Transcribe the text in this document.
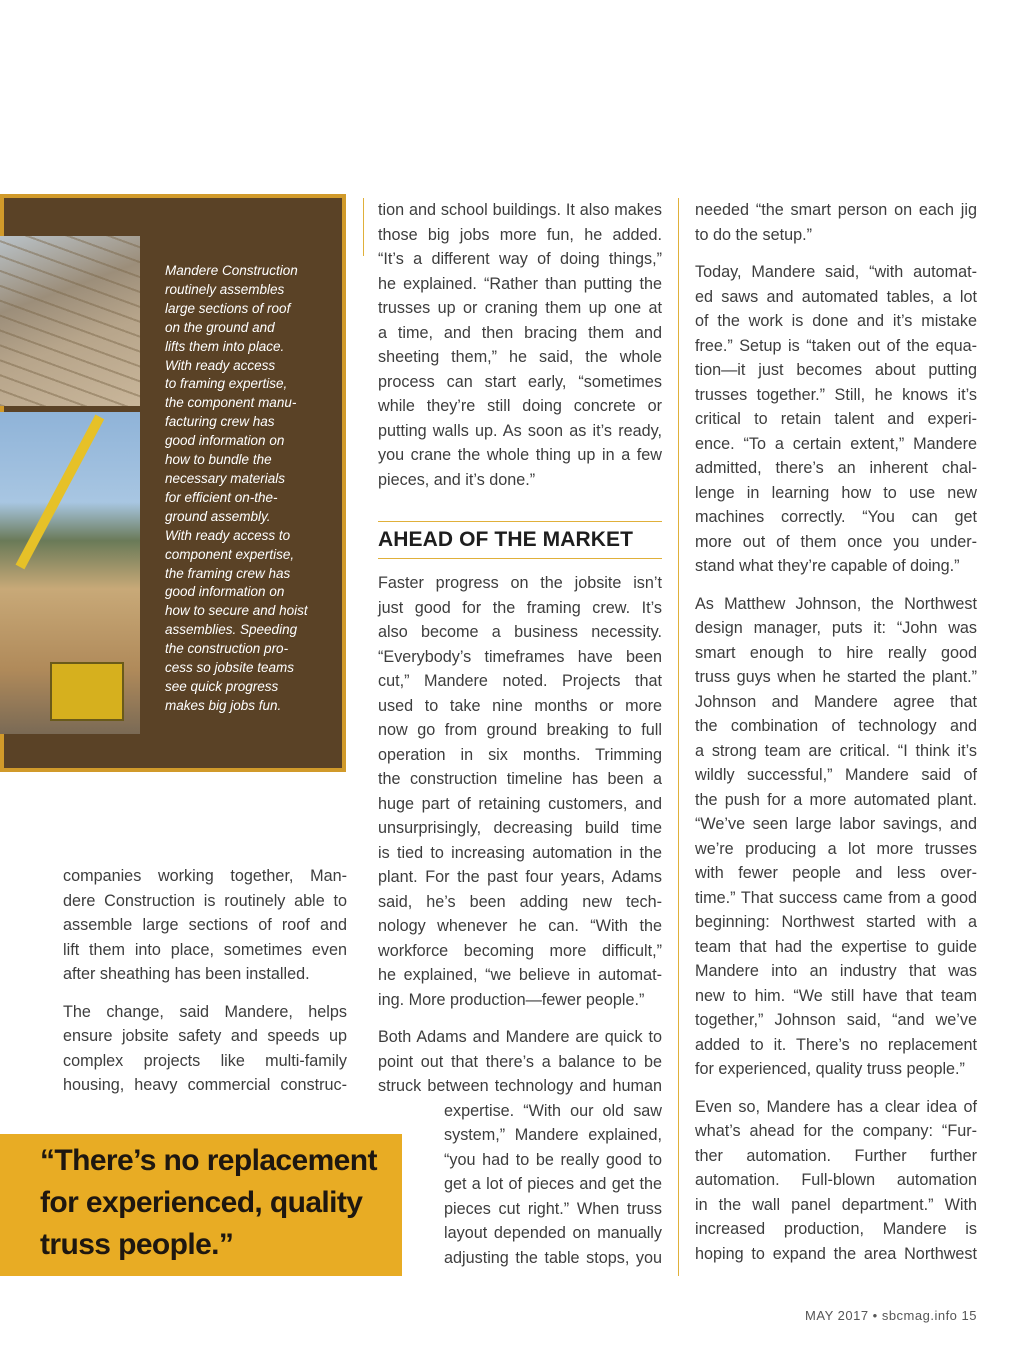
Mandere Construction
routinely assembles
large sections of roof
on the ground and
lifts them into place.
With ready access
to framing expertise,
the component manu-
facturing crew has
good information on
how to bundle the
necessary materials
for efficient on-the-
ground assembly.
With ready access to
component expertise,
the framing crew has
good information on
how to secure and hoist
assemblies. Speeding
the construction pro-
cess so jobsite teams
see quick progress
makes big jobs fun.

companies working together, Man-
dere Construction is routinely able to
assemble large sections of roof and
lift them into place, sometimes even
after sheathing has been installed.

The change, said Mandere, helps
ensure jobsite safety and speeds up
complex projects like multi-family
housing, heavy commercial construc-

tion and school buildings. It also makes
those big jobs more fun, he added.
“It’s a different way of doing things,”
he explained. “Rather than putting the
trusses up or craning them up one at
a time, and then bracing them and
sheeting them,” he said, the whole
process can start early, “sometimes
while they’re still doing concrete or
putting walls up. As soon as it’s ready,
you crane the whole thing up in a few
pieces, and it’s done.”

AHEAD OF THE MARKET

Faster progress on the jobsite isn’t
just good for the framing crew. It’s
also become a business necessity.
“Everybody’s timeframes have been
cut,” Mandere noted. Projects that
used to take nine months or more
now go from ground breaking to full
operation in six months. Trimming
the construction timeline has been a
huge part of retaining customers, and
unsurprisingly, decreasing build time
is tied to increasing automation in the
plant. For the past four years, Adams
said, he’s been adding new tech-
nology whenever he can. “With the
workforce becoming more difficult,”
he explained, “we believe in automat-
ing. More production—fewer people.”

Both Adams and Mandere are quick to
point out that there’s a balance to be
struck between technology and human
expertise. “With our old saw
system,” Mandere explained,
“you had to be really good to
get a lot of pieces and get the
pieces cut right.” When truss
layout depended on manually
adjusting the table stops, you

needed “the smart person on each jig
to do the setup.”

Today, Mandere said, “with automat-
ed saws and automated tables, a lot
of the work is done and it’s mistake
free.” Setup is “taken out of the equa-
tion—it just becomes about putting
trusses together.” Still, he knows it’s
critical to retain talent and experi-
ence. “To a certain extent,” Mandere
admitted, there’s an inherent chal-
lenge in learning how to use new
machines correctly. “You can get
more out of them once you under-
stand what they’re capable of doing.”

As Matthew Johnson, the Northwest
design manager, puts it: “John was
smart enough to hire really good
truss guys when he started the plant.”
Johnson and Mandere agree that
the combination of technology and
a strong team are critical. “I think it’s
wildly successful,” Mandere said of
the push for a more automated plant.
“We’ve seen large labor savings, and
we’re producing a lot more trusses
with fewer people and less over-
time.” That success came from a good
beginning: Northwest started with a
team that had the expertise to guide
Mandere into an industry that was
new to him. “We still have that team
together,” Johnson said, “and we’ve
added to it. There’s no replacement
for experienced, quality truss people.”

Even so, Mandere has a clear idea of
what’s ahead for the company: “Fur-
ther automation. Further further
automation. Full-blown automation
in the wall panel department.” With
increased production, Mandere is
hoping to expand the area Northwest

“There’s no replacement
for experienced, quality
truss people.”
MAY 2017 • sbcmag.info 15
